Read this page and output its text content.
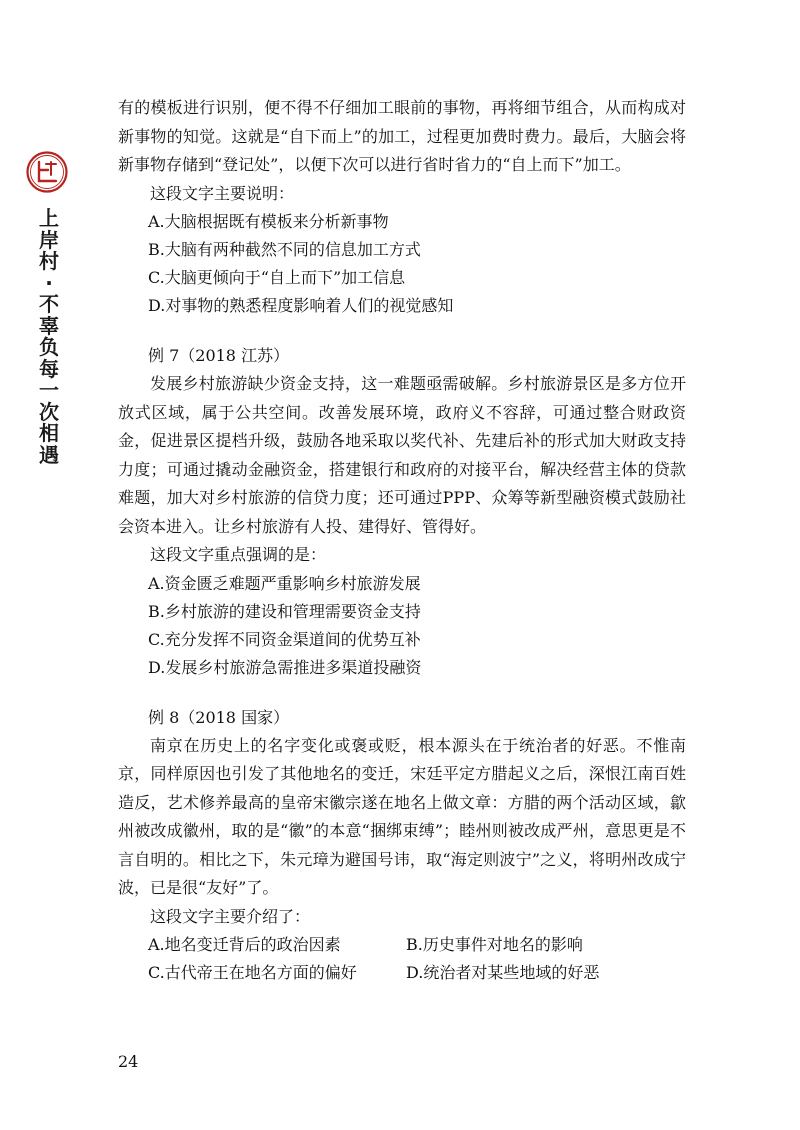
上岸村·不辜负每一次相遇

有的模板进行识别，便不得不仔细加工眼前的事物，再将细节组合，从而构成对新事物的知觉。这就是“自下而上”的加工，过程更加费时费力。最后，大脑会将新事物存储到“登记处”，以便下次可以进行省时省力的“自上而下”加工。

这段文字主要说明：

A.大脑根据既有模板来分析新事物

B.大脑有两种截然不同的信息加工方式

C.大脑更倾向于“自上而下”加工信息

D.对事物的熟悉程度影响着人们的视觉感知

例 7（2018 江苏）

发展乡村旅游缺少资金支持，这一难题亟需破解。乡村旅游景区是多方位开放式区域，属于公共空间。改善发展环境，政府义不容辞，可通过整合财政资金，促进景区提档升级，鼓励各地采取以奖代补、先建后补的形式加大财政支持力度；可通过撬动金融资金，搭建银行和政府的对接平台，解决经营主体的贷款难题，加大对乡村旅游的信贷力度；还可通过PPP、众筹等新型融资模式鼓励社会资本进入。让乡村旅游有人投、建得好、管得好。

这段文字重点强调的是：

A.资金匮乏难题严重影响乡村旅游发展

B.乡村旅游的建设和管理需要资金支持

C.充分发挥不同资金渠道间的优势互补

D.发展乡村旅游急需推进多渠道投融资

例 8（2018 国家）

南京在历史上的名字变化或褒或贬，根本源头在于统治者的好恶。不惟南京，同样原因也引发了其他地名的变迁，宋廷平定方腊起义之后，深恨江南百姓造反，艺术修养最高的皇帝宋徽宗遂在地名上做文章：方腊的两个活动区域，歙州被改成徽州，取的是“徽”的本意“捆绑束缚”；睦州则被改成严州，意思更是不言自明的。相比之下，朱元璋为避国号讳，取“海定则波宁”之义，将明州改成宁波，已是很“友好”了。

这段文字主要介绍了：

A.地名变迁背后的政治因素	B.历史事件对地名的影响
C.古代帝王在地名方面的偏好	D.统治者对某些地域的好恶
24
